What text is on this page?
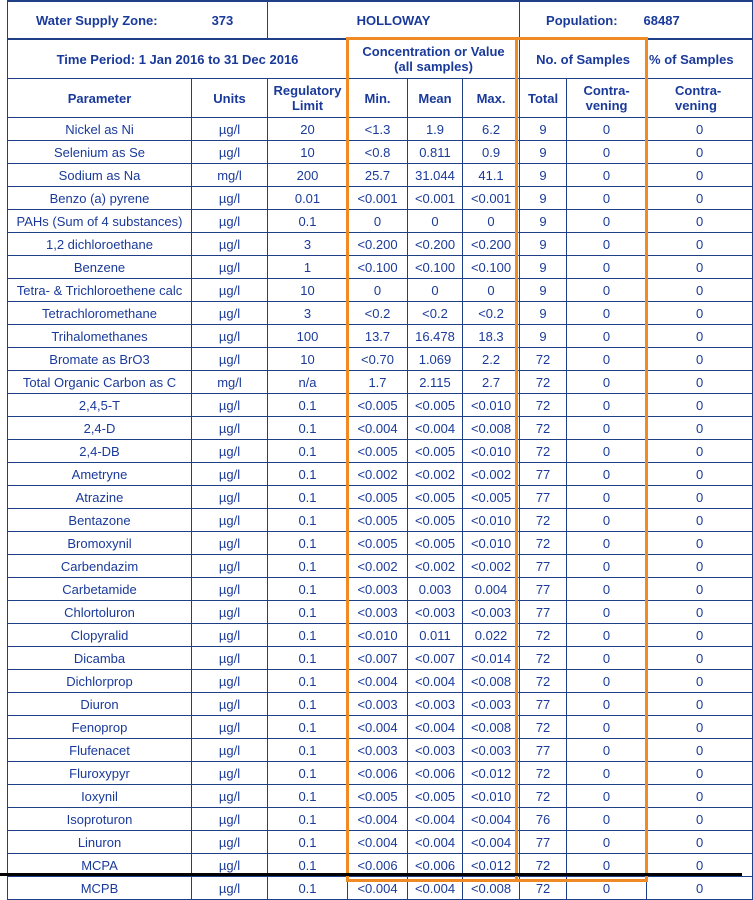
Water Supply Zone: 373		HOLLOWAY				Population: 68487		
Time Period: 1 Jan 2016 to 31 Dec 2016			Concentration or Value (all samples)			No. of Samples		% of Samples
Parameter	Units	Regulatory Limit	Min.	Mean	Max.	Total	Contra-vening	Contra-vening
Nickel as Ni	µg/l	20	<1.3	1.9	6.2	9	0	0
Selenium as Se	µg/l	10	<0.8	0.811	0.9	9	0	0
Sodium as Na	mg/l	200	25.7	31.044	41.1	9	0	0
Benzo (a) pyrene	µg/l	0.01	<0.001	<0.001	<0.001	9	0	0
PAHs (Sum of 4 substances)	µg/l	0.1	0	0	0	9	0	0
1,2 dichloroethane	µg/l	3	<0.200	<0.200	<0.200	9	0	0
Benzene	µg/l	1	<0.100	<0.100	<0.100	9	0	0
Tetra- & Trichloroethene calc	µg/l	10	0	0	0	9	0	0
Tetrachloromethane	µg/l	3	<0.2	<0.2	<0.2	9	0	0
Trihalomethanes	µg/l	100	13.7	16.478	18.3	9	0	0
Bromate as BrO3	µg/l	10	<0.70	1.069	2.2	72	0	0
Total Organic Carbon as C	mg/l	n/a	1.7	2.115	2.7	72	0	0
2,4,5-T	µg/l	0.1	<0.005	<0.005	<0.010	72	0	0
2,4-D	µg/l	0.1	<0.004	<0.004	<0.008	72	0	0
2,4-DB	µg/l	0.1	<0.005	<0.005	<0.010	72	0	0
Ametryne	µg/l	0.1	<0.002	<0.002	<0.002	77	0	0
Atrazine	µg/l	0.1	<0.005	<0.005	<0.005	77	0	0
Bentazone	µg/l	0.1	<0.005	<0.005	<0.010	72	0	0
Bromoxynil	µg/l	0.1	<0.005	<0.005	<0.010	72	0	0
Carbendazim	µg/l	0.1	<0.002	<0.002	<0.002	77	0	0
Carbetamide	µg/l	0.1	<0.003	0.003	0.004	77	0	0
Chlortoluron	µg/l	0.1	<0.003	<0.003	<0.003	77	0	0
Clopyralid	µg/l	0.1	<0.010	0.011	0.022	72	0	0
Dicamba	µg/l	0.1	<0.007	<0.007	<0.014	72	0	0
Dichlorprop	µg/l	0.1	<0.004	<0.004	<0.008	72	0	0
Diuron	µg/l	0.1	<0.003	<0.003	<0.003	77	0	0
Fenoprop	µg/l	0.1	<0.004	<0.004	<0.008	72	0	0
Flufenacet	µg/l	0.1	<0.003	<0.003	<0.003	77	0	0
Fluroxypyr	µg/l	0.1	<0.006	<0.006	<0.012	72	0	0
Ioxynil	µg/l	0.1	<0.005	<0.005	<0.010	72	0	0
Isoproturon	µg/l	0.1	<0.004	<0.004	<0.004	76	0	0
Linuron	µg/l	0.1	<0.004	<0.004	<0.004	77	0	0
MCPA	µg/l	0.1	<0.006	<0.006	<0.012	72	0	0
MCPB	µg/l	0.1	<0.004	<0.004	<0.008	72	0	0
